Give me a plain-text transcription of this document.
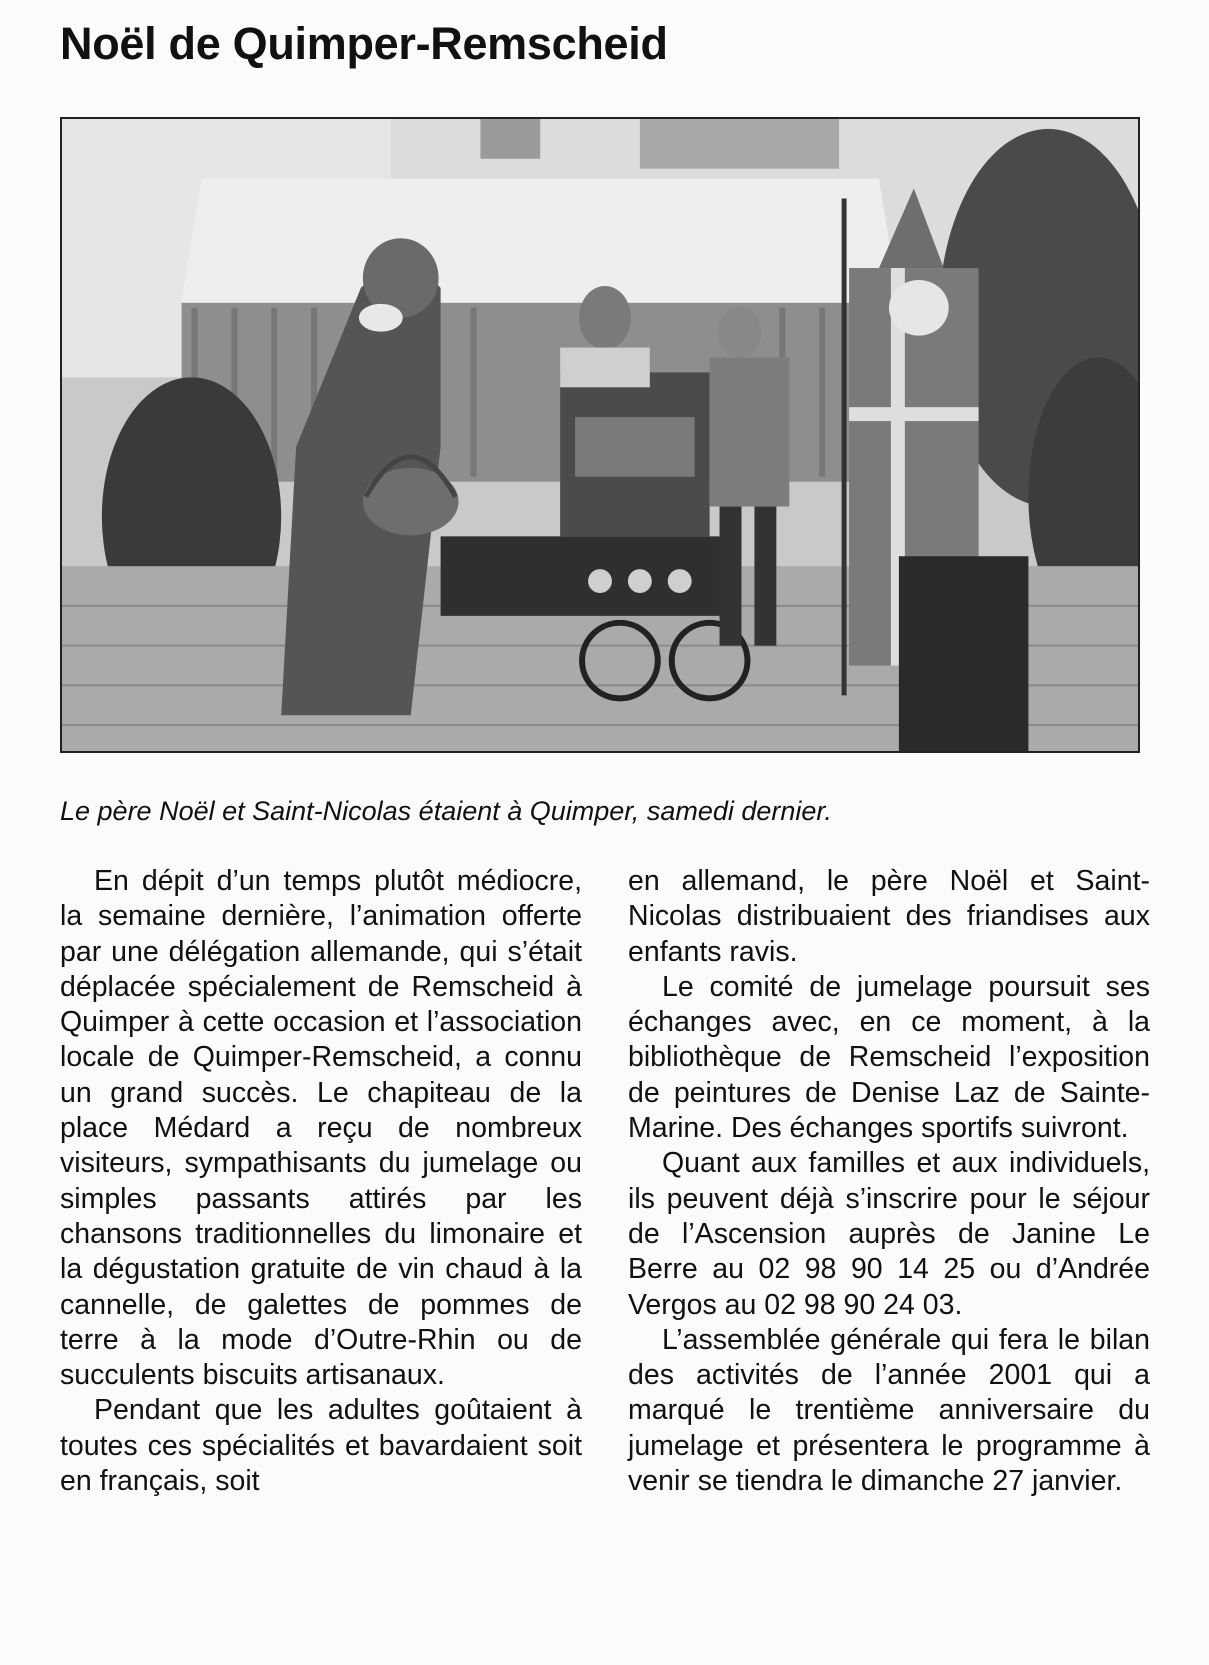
Noël de Quimper-Remscheid

Le père Noël et Saint-Nicolas étaient à Quimper, samedi dernier.

En dépit d’un temps plutôt médiocre, la semaine dernière, l’animation offerte par une délégation allemande, qui s’était déplacée spécialement de Remscheid à Quimper à cette occasion et l’association locale de Quimper-Remscheid, a connu un grand succès. Le chapiteau de la place Médard a reçu de nombreux visiteurs, sympathisants du jumelage ou simples passants attirés par les chansons traditionnelles du limonaire et la dégustation gratuite de vin chaud à la cannelle, de galettes de pommes de terre à la mode d’Outre-Rhin ou de succulents biscuits artisanaux.

Pendant que les adultes goûtaient à toutes ces spécialités et bavardaient soit en français, soit

en allemand, le père Noël et Saint-Nicolas distribuaient des friandises aux enfants ravis.

Le comité de jumelage poursuit ses échanges avec, en ce moment, à la bibliothèque de Remscheid l’exposition de peintures de Denise Laz de Sainte-Marine. Des échanges sportifs suivront.

Quant aux familles et aux individuels, ils peuvent déjà s’inscrire pour le séjour de l’Ascension auprès de Janine Le Berre au 02 98 90 14 25 ou d’Andrée Vergos au 02 98 90 24 03.

L’assemblée générale qui fera le bilan des activités de l’année 2001 qui a marqué le trentième anniversaire du jumelage et présentera le programme à venir se tiendra le dimanche 27 janvier.
